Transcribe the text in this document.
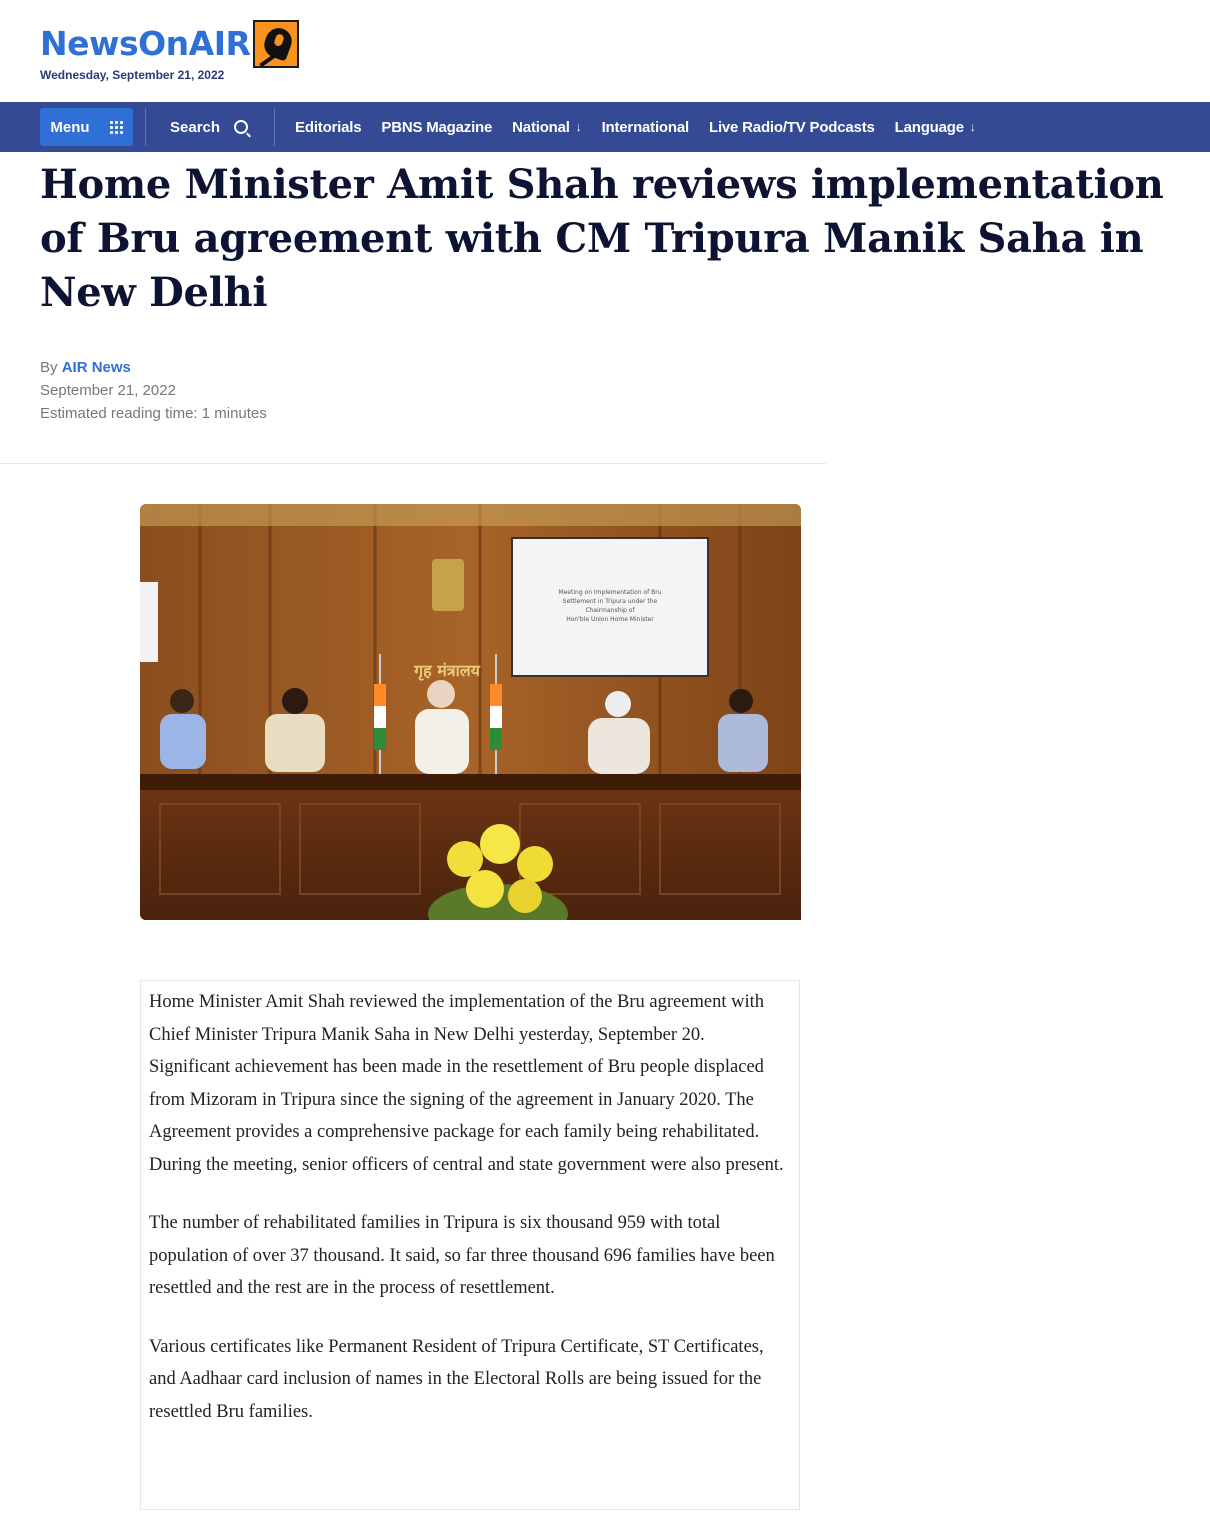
NewsOnAIR
Wednesday, September 21, 2022
Menu	Search	Editorials PBNS Magazine National ↓ International Live Radio/TV Podcasts Language ↓
Home Minister Amit Shah reviews implementation of Bru agreement with CM Tripura Manik Saha in New Delhi
By AIR News
September 21, 2022
Estimated reading time: 1 minutes
Meeting on Implementation of Bru
Settlement in Tripura under the
Chairmanship of
Hon'ble Union Home Minister
गृह मंत्रालय
Home Minister Amit Shah reviewed the implementation of the Bru agreement with Chief Minister Tripura Manik Saha in New Delhi yesterday, September 20.

Significant achievement has been made in the resettlement of Bru people displaced from Mizoram in Tripura since the signing of the agreement in January 2020. The Agreement provides a comprehensive package for each family being rehabilitated. During the meeting, senior officers of central and state government were also present.

The number of rehabilitated families in Tripura is six thousand 959 with total population of over 37 thousand. It said, so far three thousand 696 families have been resettled and the rest are in the process of resettlement.

Various certificates like Permanent Resident of Tripura Certificate, ST Certificates, and Aadhaar card inclusion of names in the Electoral Rolls are being issued for the resettled Bru families.
